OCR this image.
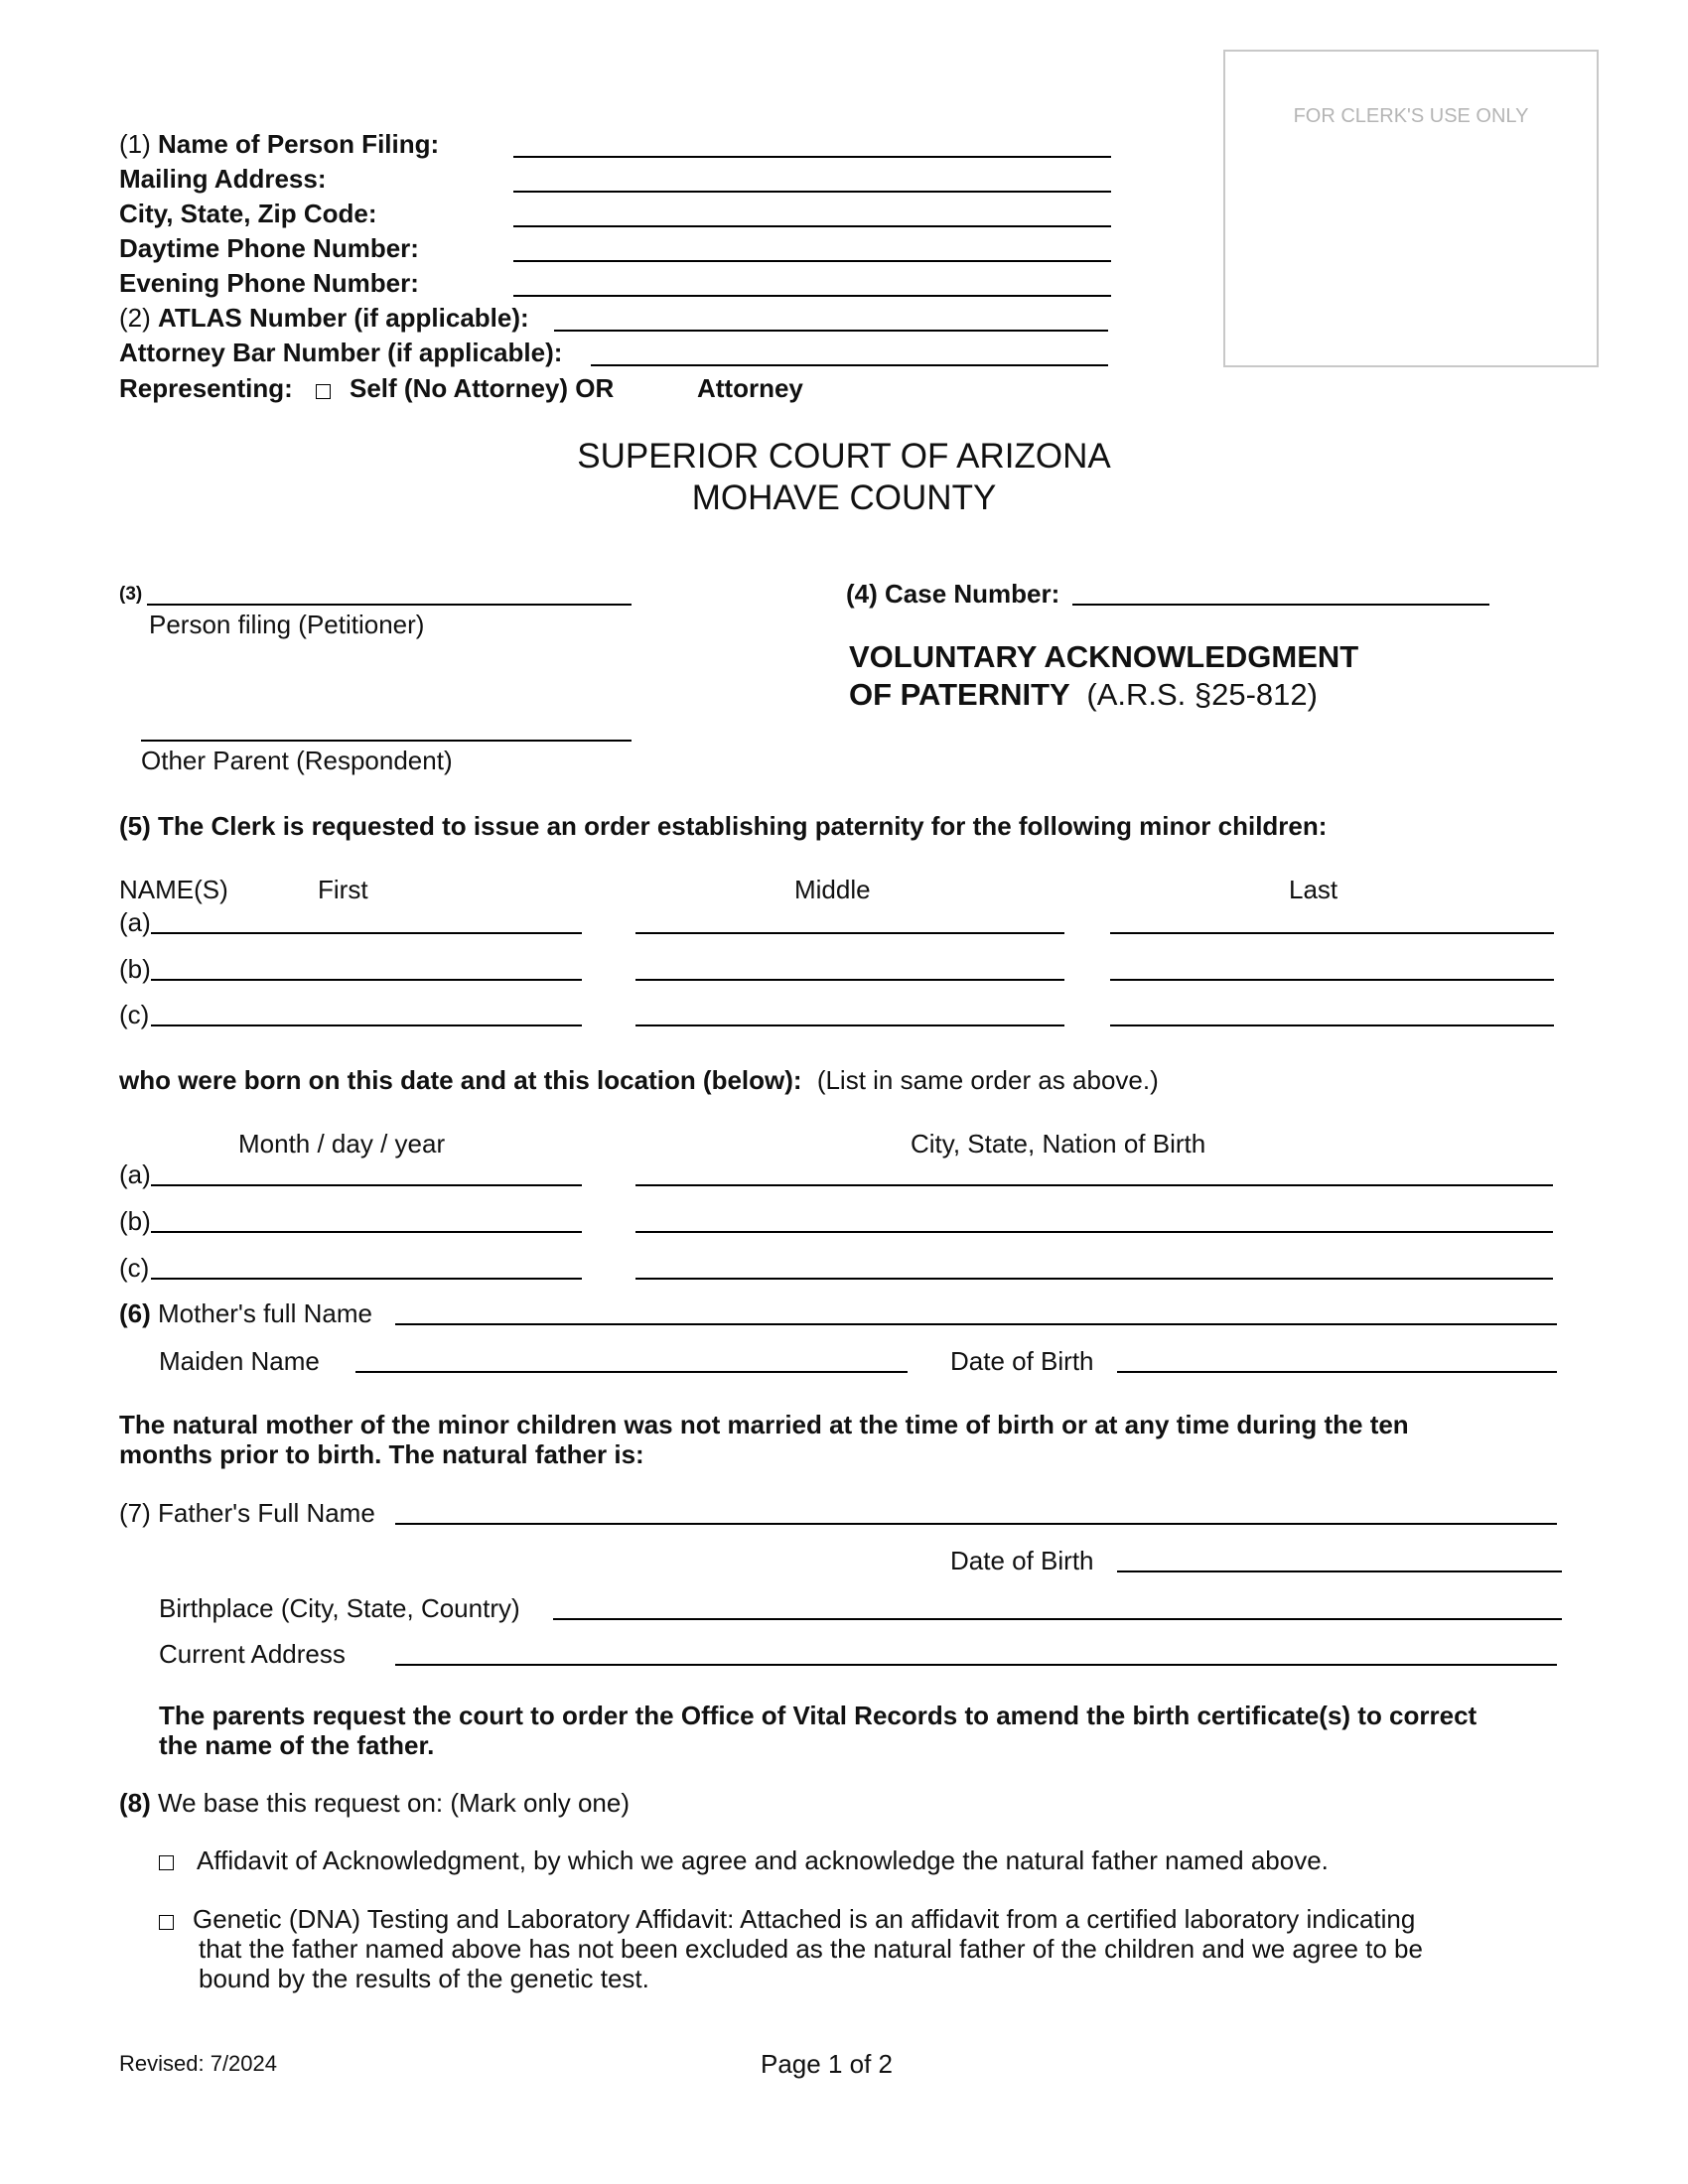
FOR CLERK'S USE ONLY
(1) Name of Person Filing:
Mailing Address:
City, State, Zip Code:
Daytime Phone Number:
Evening Phone Number:
(2) ATLAS Number (if applicable):
Attorney Bar Number (if applicable):
Representing: Self (No Attorney) OR	Attorney
SUPERIOR COURT OF ARIZONA
MOHAVE COUNTY
(3)
Person filing (Petitioner)
Other Parent (Respondent)
(4) Case Number:
VOLUNTARY ACKNOWLEDGMENT
OF PATERNITY (A.R.S. §25-812)
(5) The Clerk is requested to issue an order establishing paternity for the following minor children:
NAME(S)	First	Middle	Last
(a)
(b)
(c)
who were born on this date and at this location (below): (List in same order as above.)
Month / day / year	City, State, Nation of Birth
(a)
(b)
(c)
(6) Mother's full Name
Maiden Name	Date of Birth
The natural mother of the minor children was not married at the time of birth or at any time during the ten
months prior to birth. The natural father is:
(7) Father's Full Name
Date of Birth
Birthplace (City, State, Country)
Current Address
The parents request the court to order the Office of Vital Records to amend the birth certificate(s) to correct
the name of the father.
(8) We base this request on: (Mark only one)
Affidavit of Acknowledgment, by which we agree and acknowledge the natural father named above.
Genetic (DNA) Testing and Laboratory Affidavit: Attached is an affidavit from a certified laboratory indicating
that the father named above has not been excluded as the natural father of the children and we agree to be
bound by the results of the genetic test.
Revised: 7/2024	Page 1 of 2
